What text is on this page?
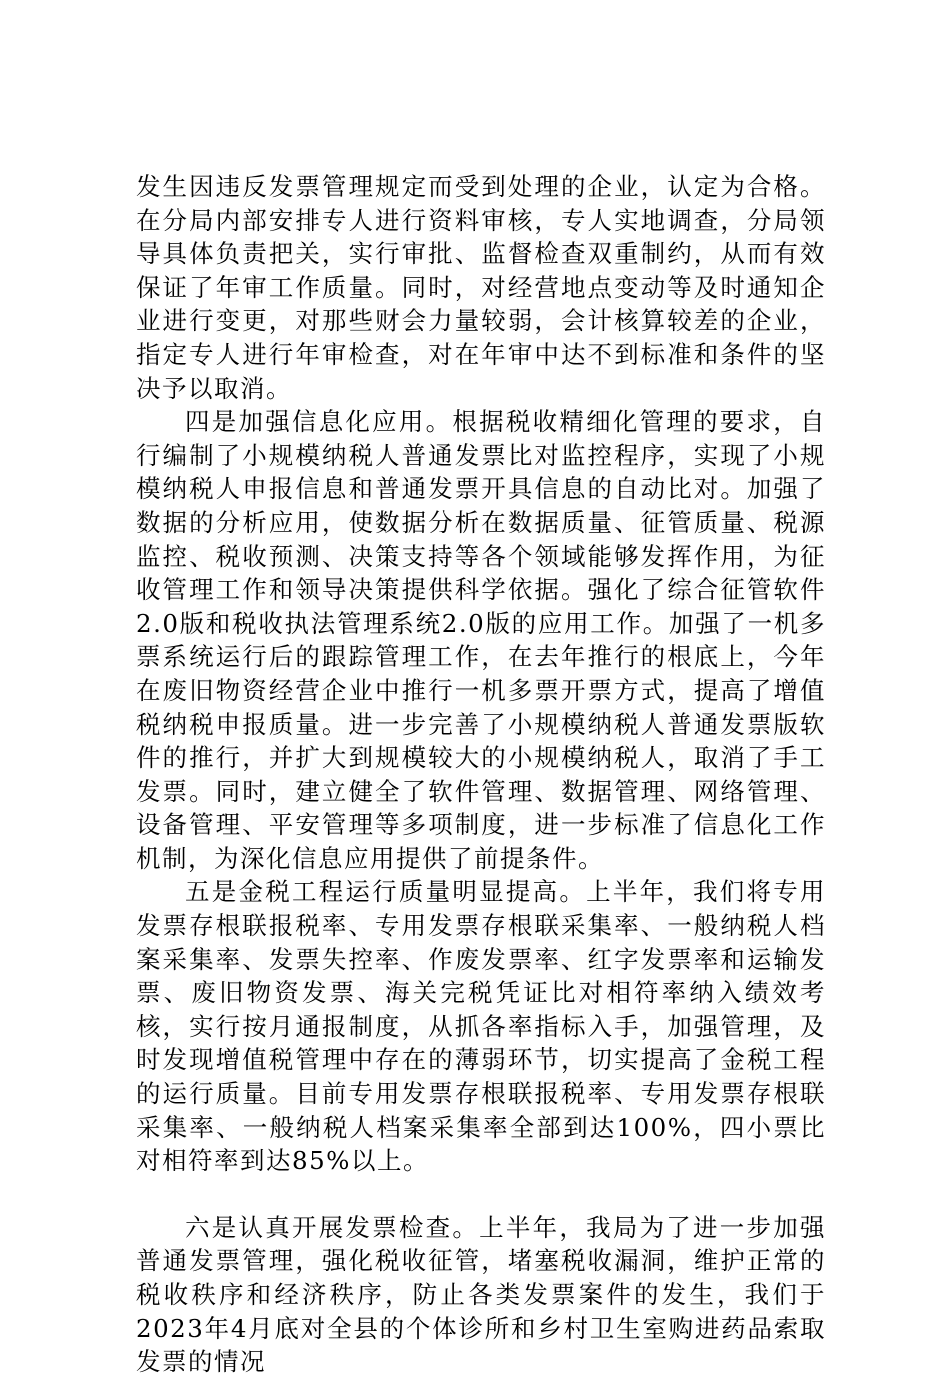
发生因违反发票管理规定而受到处理的企业，认定为合格。在分局内部安排专人进行资料审核，专人实地调查，分局领导具体负责把关，实行审批、监督检查双重制约，从而有效保证了年审工作质量。同时，对经营地点变动等及时通知企业进行变更，对那些财会力量较弱，会计核算较差的企业，指定专人进行年审检查，对在年审中达不到标准和条件的坚决予以取消。

四是加强信息化应用。根据税收精细化管理的要求，自行编制了小规模纳税人普通发票比对监控程序，实现了小规模纳税人申报信息和普通发票开具信息的自动比对。加强了数据的分析应用，使数据分析在数据质量、征管质量、税源监控、税收预测、决策支持等各个领域能够发挥作用，为征收管理工作和领导决策提供科学依据。强化了综合征管软件2.0版和税收执法管理系统2.0版的应用工作。加强了一机多票系统运行后的跟踪管理工作，在去年推行的根底上，今年在废旧物资经营企业中推行一机多票开票方式，提高了增值税纳税申报质量。进一步完善了小规模纳税人普通发票版软件的推行，并扩大到规模较大的小规模纳税人，取消了手工发票。同时，建立健全了软件管理、数据管理、网络管理、设备管理、平安管理等多项制度，进一步标准了信息化工作机制，为深化信息应用提供了前提条件。

五是金税工程运行质量明显提高。上半年，我们将专用发票存根联报税率、专用发票存根联采集率、一般纳税人档案采集率、发票失控率、作废发票率、红字发票率和运输发票、废旧物资发票、海关完税凭证比对相符率纳入绩效考核，实行按月通报制度，从抓各率指标入手，加强管理，及时发现增值税管理中存在的薄弱环节，切实提高了金税工程的运行质量。目前专用发票存根联报税率、专用发票存根联采集率、一般纳税人档案采集率全部到达100%，四小票比对相符率到达85%以上。

六是认真开展发票检查。上半年，我局为了进一步加强普通发票管理，强化税收征管，堵塞税收漏洞，维护正常的税收秩序和经济秩序，防止各类发票案件的发生，我们于2023年4月底对全县的个体诊所和乡村卫生室购进药品索取发票的情况
